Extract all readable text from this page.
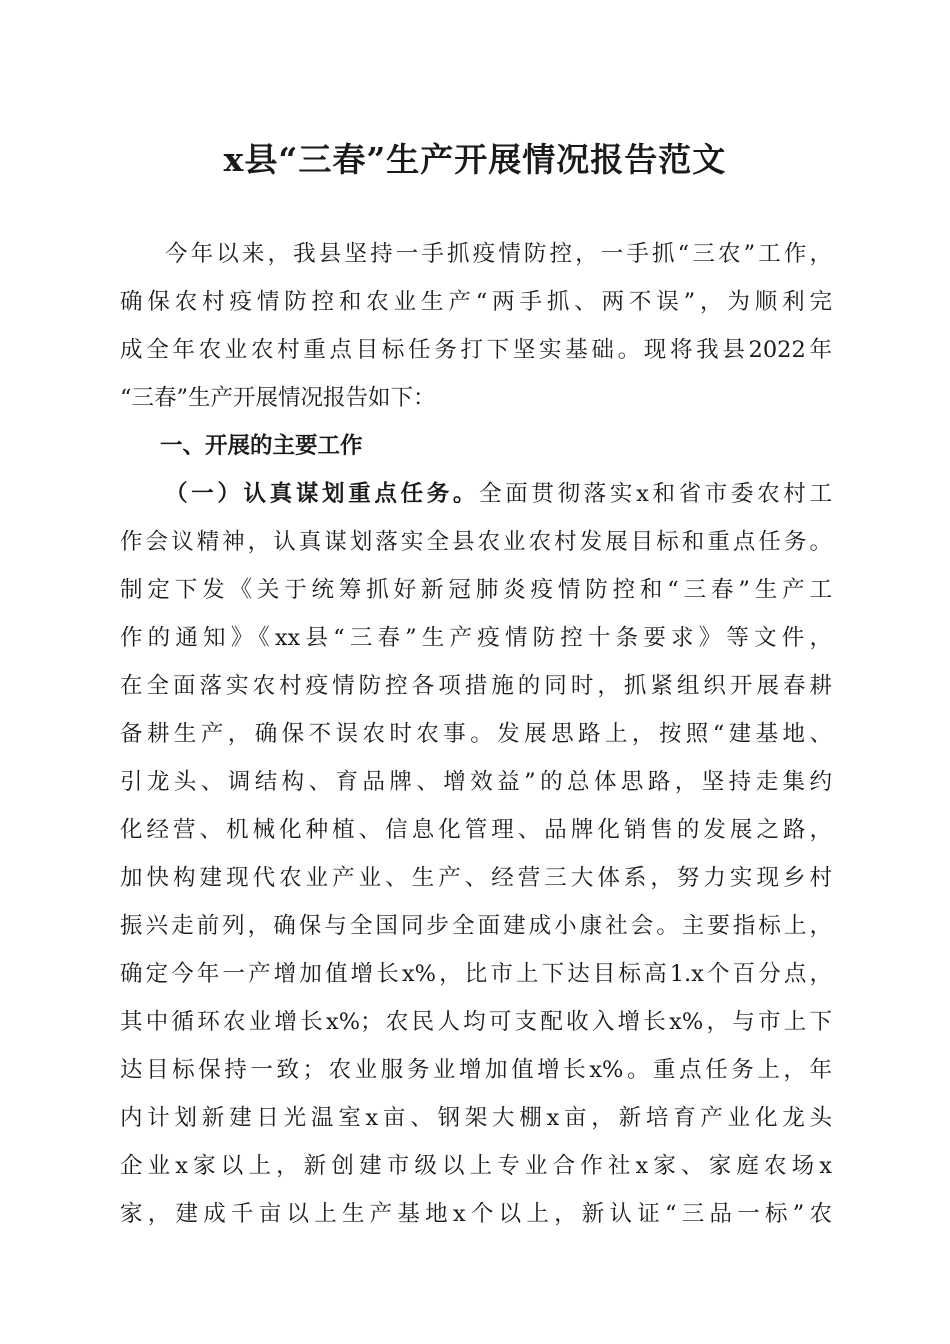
x县“三春”生产开展情况报告范文
今年以来，我县坚持一手抓疫情防控，一手抓“三农”工作，
确保农村疫情防控和农业生产“两手抓、两不误”，为顺利完
成全年农业农村重点目标任务打下坚实基础。现将我县2022年
“三春”生产开展情况报告如下：
一、开展的主要工作
（一）认真谋划重点任务。全面贯彻落实x和省市委农村工
作会议精神，认真谋划落实全县农业农村发展目标和重点任务。
制定下发《关于统筹抓好新冠肺炎疫情防控和“三春”生产工
作的通知》《xx县“三春”生产疫情防控十条要求》等文件，
在全面落实农村疫情防控各项措施的同时，抓紧组织开展春耕
备耕生产，确保不误农时农事。发展思路上，按照“建基地、
引龙头、调结构、育品牌、增效益”的总体思路，坚持走集约
化经营、机械化种植、信息化管理、品牌化销售的发展之路，
加快构建现代农业产业、生产、经营三大体系，努力实现乡村
振兴走前列，确保与全国同步全面建成小康社会。主要指标上，
确定今年一产增加值增长x%，比市上下达目标高1.x个百分点，
其中循环农业增长x%；农民人均可支配收入增长x%，与市上下
达目标保持一致；农业服务业增加值增长x%。重点任务上，年
内计划新建日光温室x亩、钢架大棚x亩，新培育产业化龙头
企业x家以上，新创建市级以上专业合作社x家、家庭农场x
家，建成千亩以上生产基地x个以上，新认证“三品一标”农
